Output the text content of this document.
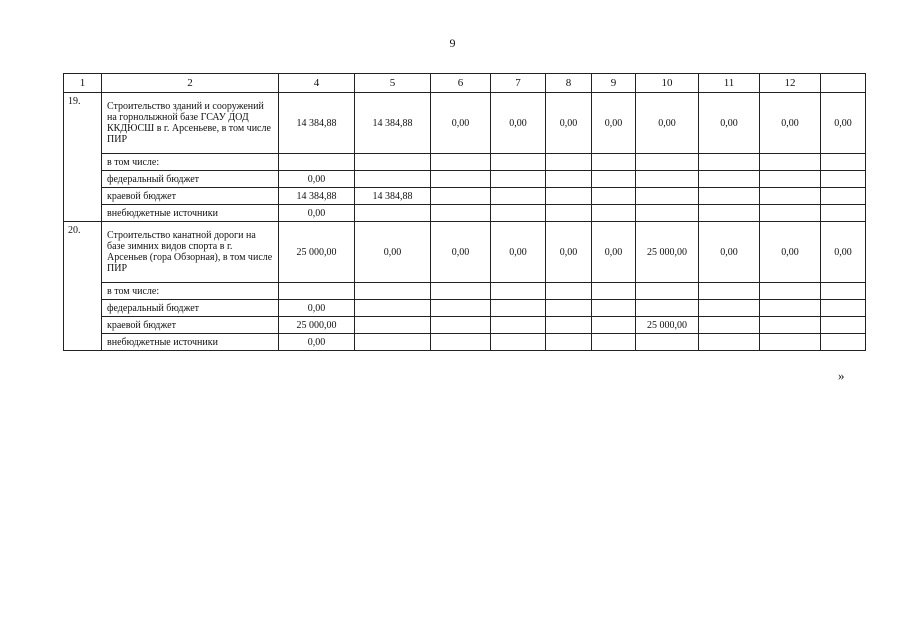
9
1	2	4	5	6	7	8	9	10	11	12	
19.	Строительство зданий и сооружений на горнолыжной базе ГСАУ ДОД ККДЮСШ в г. Арсеньеве, в том числе ПИР	14 384,88	14 384,88	0,00	0,00	0,00	0,00	0,00	0,00	0,00	0,00
	в том числе:										
	федеральный бюджет	0,00									
	краевой бюджет	14 384,88	14 384,88								
	внебюджетные источники	0,00									
20.	Строительство канатной дороги на базе зимних видов спорта в г. Арсеньев (гора Обзорная), в том числе ПИР	25 000,00	0,00	0,00	0,00	0,00	0,00	25 000,00	0,00	0,00	0,00
	в том числе:										
	федеральный бюджет	0,00									
	краевой бюджет	25 000,00						25 000,00			
	внебюджетные источники	0,00									
»
